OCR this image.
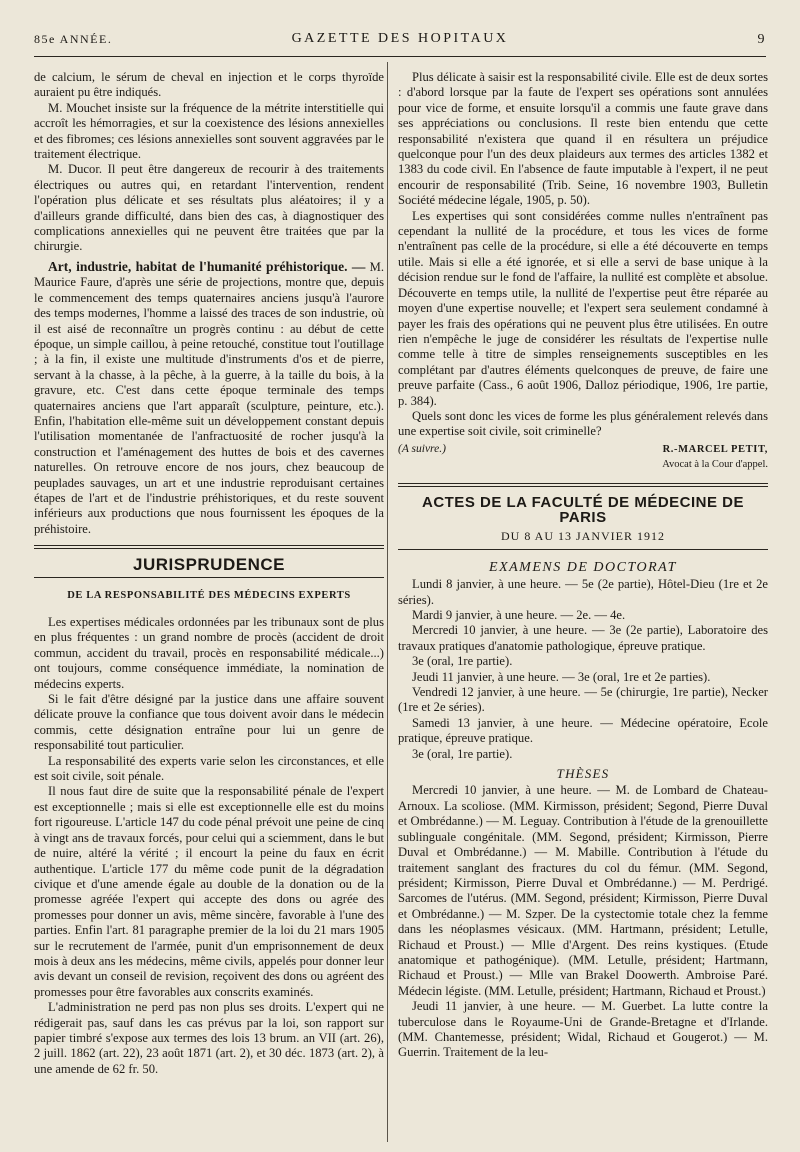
85e ANNÉE.	GAZETTE DES HOPITAUX	9

de calcium, le sérum de cheval en injection et le corps thyroïde auraient pu être indiqués.

M. Mouchet insiste sur la fréquence de la métrite interstitielle qui accroît les hémorragies, et sur la coexistence des lésions annexielles et des fibromes; ces lésions annexielles sont souvent aggravées par le traitement électrique.

M. Ducor. Il peut être dangereux de recourir à des traitements électriques ou autres qui, en retardant l'intervention, rendent l'opération plus délicate et ses résultats plus aléatoires; il y a d'ailleurs grande difficulté, dans bien des cas, à diagnostiquer des complications annexielles qui ne peuvent être traitées que par la chirurgie.

Art, industrie, habitat de l'humanité préhistorique. — M. Maurice Faure, d'après une série de projections, montre que, depuis le commencement des temps quaternaires anciens jusqu'à l'aurore des temps modernes, l'homme a laissé des traces de son industrie, où il est aisé de reconnaître un progrès continu : au début de cette époque, un simple caillou, à peine retouché, constitue tout l'outillage ; à la fin, il existe une multitude d'instruments d'os et de pierre, servant à la chasse, à la pêche, à la guerre, à la taille du bois, à la gravure, etc. C'est dans cette époque terminale des temps quaternaires anciens que l'art apparaît (sculpture, peinture, etc.). Enfin, l'habitation elle-même suit un développement constant depuis l'utilisation momentanée de l'anfractuosité de rocher jusqu'à la construction et l'aménagement des huttes de bois et des cavernes naturelles. On retrouve encore de nos jours, chez beaucoup de peuplades sauvages, un art et une industrie reproduisant certaines étapes de l'art et de l'industrie préhistoriques, et du reste souvent inférieurs aux productions que nous fournissent les époques de la préhistoire.

JURISPRUDENCE
DE LA RESPONSABILITÉ DES MÉDECINS EXPERTS

Les expertises médicales ordonnées par les tribunaux sont de plus en plus fréquentes : un grand nombre de procès (accident de droit commun, accident du travail, procès en responsabilité médicale...) ont toujours, comme conséquence immédiate, la nomination de médecins experts.

Si le fait d'être désigné par la justice dans une affaire souvent délicate prouve la confiance que tous doivent avoir dans le médecin commis, cette désignation entraîne pour lui un genre de responsabilité tout particulier.

La responsabilité des experts varie selon les circonstances, et elle est soit civile, soit pénale.

Il nous faut dire de suite que la responsabilité pénale de l'expert est exceptionnelle ; mais si elle est exceptionnelle elle est du moins fort rigoureuse. L'article 147 du code pénal prévoit une peine de cinq à vingt ans de travaux forcés, pour celui qui a sciemment, dans le but de nuire, altéré la vérité ; il encourt la peine du faux en écrit authentique. L'article 177 du même code punit de la dégradation civique et d'une amende égale au double de la donation ou de la promesse agréée l'expert qui accepte des dons ou agrée des promesses pour donner un avis, même sincère, favorable à l'une des parties. Enfin l'art. 81 paragraphe premier de la loi du 21 mars 1905 sur le recrutement de l'armée, punit d'un emprisonnement de deux mois à deux ans les médecins, même civils, appelés pour donner leur avis devant un conseil de revision, reçoivent des dons ou agréent des promesses pour être favorables aux conscrits examinés.

L'administration ne perd pas non plus ses droits. L'expert qui ne rédigerait pas, sauf dans les cas prévus par la loi, son rapport sur papier timbré s'expose aux termes des lois 13 brum. an VII (art. 26), 2 juill. 1862 (art. 22), 23 août 1871 (art. 2), et 30 déc. 1873 (art. 2), à une amende de 62 fr. 50.

Plus délicate à saisir est la responsabilité civile. Elle est de deux sortes : d'abord lorsque par la faute de l'expert ses opérations sont annulées pour vice de forme, et ensuite lorsqu'il a commis une faute grave dans ses appréciations ou conclusions. Il reste bien entendu que cette responsabilité n'existera que quand il en résultera un préjudice quelconque pour l'un des deux plaideurs aux termes des articles 1382 et 1383 du code civil. En l'absence de faute imputable à l'expert, il ne peut encourir de responsabilité (Trib. Seine, 16 novembre 1903, Bulletin Société médecine légale, 1905, p. 50).

Les expertises qui sont considérées comme nulles n'entraînent pas cependant la nullité de la procédure, et tous les vices de forme n'entraînent pas celle de la procédure, si elle a été découverte en temps utile. Mais si elle a été ignorée, et si elle a servi de base unique à la décision rendue sur le fond de l'affaire, la nullité est complète et absolue. Découverte en temps utile, la nullité de l'expertise peut être réparée au moyen d'une expertise nouvelle; et l'expert sera seulement condamné à payer les frais des opérations qui ne peuvent plus être utilisées. En outre rien n'empêche le juge de considérer les résultats de l'expertise nulle comme telle à titre de simples renseignements susceptibles en les complétant par d'autres éléments quelconques de preuve, de faire une preuve parfaite (Cass., 6 août 1906, Dalloz périodique, 1906, 1re partie, p. 384).

Quels sont donc les vices de forme les plus généralement relevés dans une expertise soit civile, soit criminelle?

(A suivre.)	R.-MARCEL PETIT,
Avocat à la Cour d'appel.
ACTES DE LA FACULTÉ DE MÉDECINE DE PARIS
DU 8 AU 13 JANVIER 1912
EXAMENS DE DOCTORAT

Lundi 8 janvier, à une heure. — 5e (2e partie), Hôtel-Dieu (1re et 2e séries).

Mardi 9 janvier, à une heure. — 2e. — 4e.

Mercredi 10 janvier, à une heure. — 3e (2e partie), Laboratoire des travaux pratiques d'anatomie pathologique, épreuve pratique.

3e (oral, 1re partie).

Jeudi 11 janvier, à une heure. — 3e (oral, 1re et 2e parties).

Vendredi 12 janvier, à une heure. — 5e (chirurgie, 1re partie), Necker (1re et 2e séries).

Samedi 13 janvier, à une heure. — Médecine opératoire, Ecole pratique, épreuve pratique.

3e (oral, 1re partie).

THÈSES

Mercredi 10 janvier, à une heure. — M. de Lombard de Chateau-Arnoux. La scoliose. (MM. Kirmisson, président; Segond, Pierre Duval et Ombrédanne.) — M. Leguay. Contribution à l'étude de la grenouillette sublinguale congénitale. (MM. Segond, président; Kirmisson, Pierre Duval et Ombrédanne.) — M. Mabille. Contribution à l'étude du traitement sanglant des fractures du col du fémur. (MM. Segond, président; Kirmisson, Pierre Duval et Ombrédanne.) — M. Perdrigé. Sarcomes de l'utérus. (MM. Segond, président; Kirmisson, Pierre Duval et Ombrédanne.) — M. Szper. De la cystectomie totale chez la femme dans les néoplasmes vésicaux. (MM. Hartmann, président; Letulle, Richaud et Proust.) — Mlle d'Argent. Des reins kystiques. (Etude anatomique et pathogénique). (MM. Letulle, président; Hartmann, Richaud et Proust.) — Mlle van Brakel Doowerth. Ambroise Paré. Médecin légiste. (MM. Letulle, président; Hartmann, Richaud et Proust.)

Jeudi 11 janvier, à une heure. — M. Guerbet. La lutte contre la tuberculose dans le Royaume-Uni de Grande-Bretagne et d'Irlande. (MM. Chantemesse, président; Widal, Richaud et Gougerot.) — M. Guerrin. Traitement de la leu-
